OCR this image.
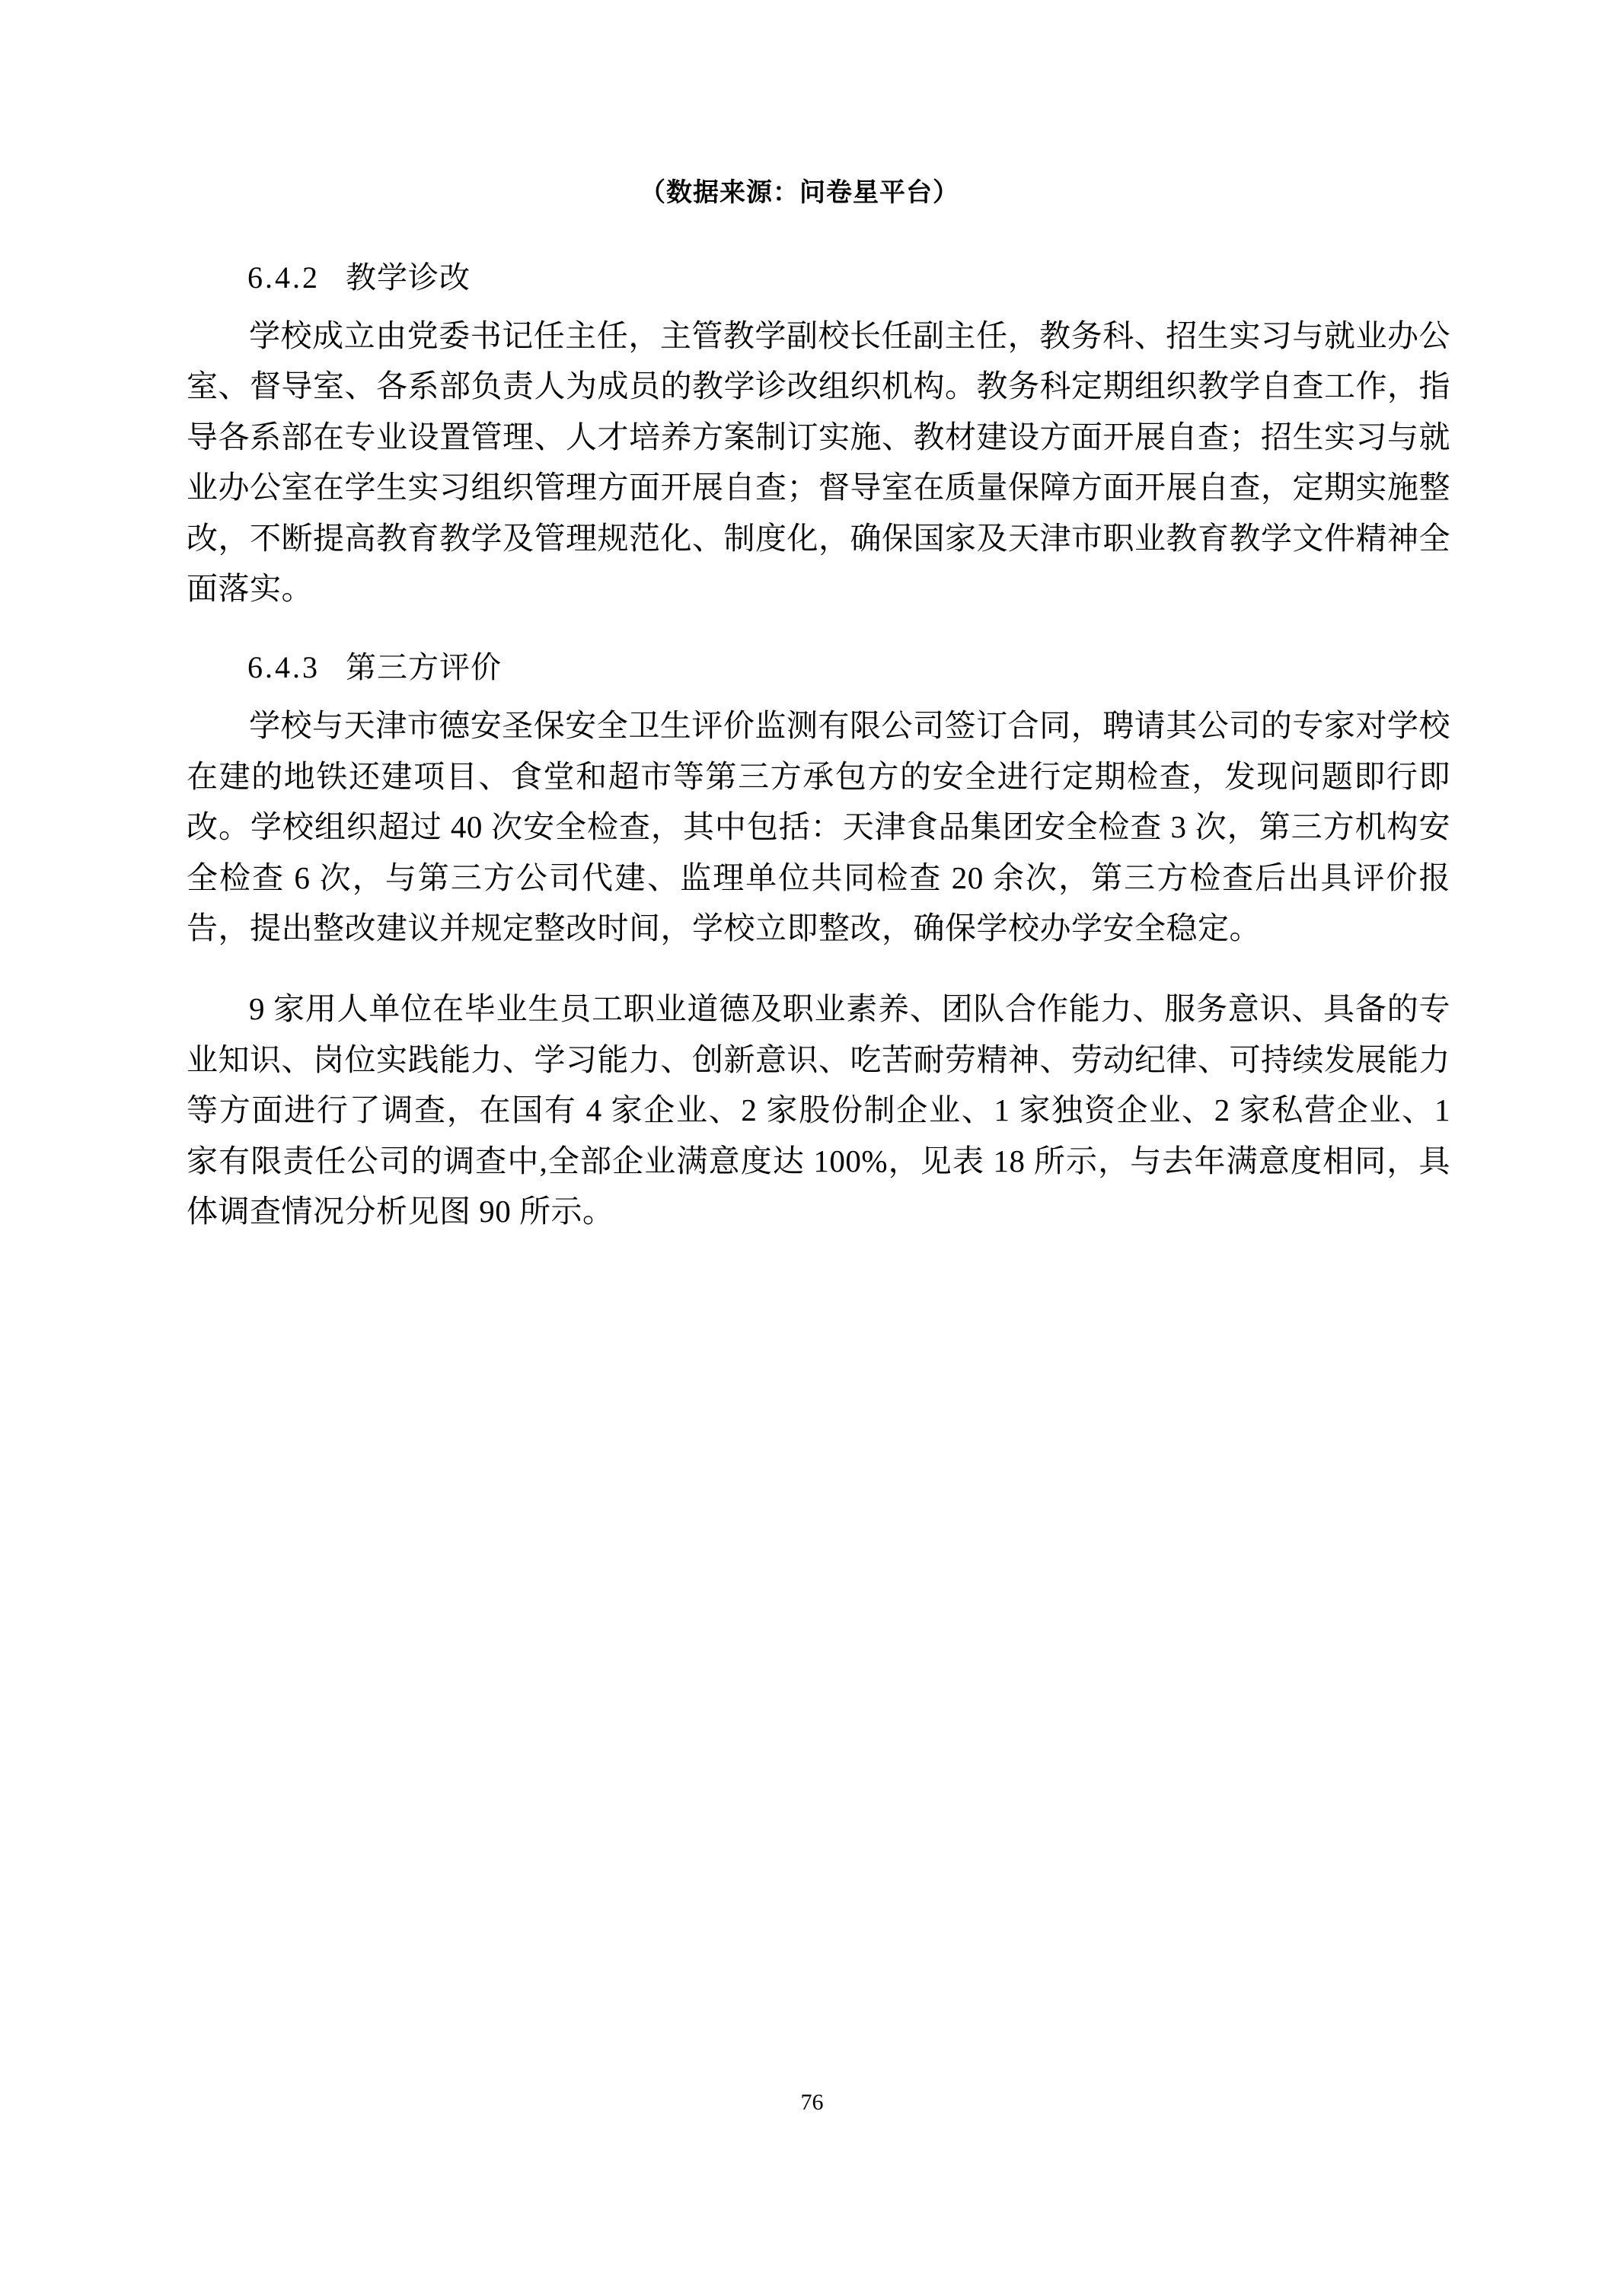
（数据来源：问卷星平台）
6.4.2 教学诊改

学校成立由党委书记任主任，主管教学副校长任副主任，教务科、招生实习与就业办公室、督导室、各系部负责人为成员的教学诊改组织机构。教务科定期组织教学自查工作，指导各系部在专业设置管理、人才培养方案制订实施、教材建设方面开展自查；招生实习与就业办公室在学生实习组织管理方面开展自查；督导室在质量保障方面开展自查，定期实施整改，不断提高教育教学及管理规范化、制度化，确保国家及天津市职业教育教学文件精神全面落实。

6.4.3 第三方评价

学校与天津市德安圣保安全卫生评价监测有限公司签订合同，聘请其公司的专家对学校在建的地铁还建项目、食堂和超市等第三方承包方的安全进行定期检查，发现问题即行即改。学校组织超过 40 次安全检查，其中包括：天津食品集团安全检查 3 次，第三方机构安全检查 6 次，与第三方公司代建、监理单位共同检查 20 余次，第三方检查后出具评价报告，提出整改建议并规定整改时间，学校立即整改，确保学校办学安全稳定。

9 家用人单位在毕业生员工职业道德及职业素养、团队合作能力、服务意识、具备的专业知识、岗位实践能力、学习能力、创新意识、吃苦耐劳精神、劳动纪律、可持续发展能力等方面进行了调查，在国有 4 家企业、2 家股份制企业、1 家独资企业、2 家私营企业、1 家有限责任公司的调查中,全部企业满意度达 100%，见表 18 所示，与去年满意度相同，具体调查情况分析见图 90 所示。

76
